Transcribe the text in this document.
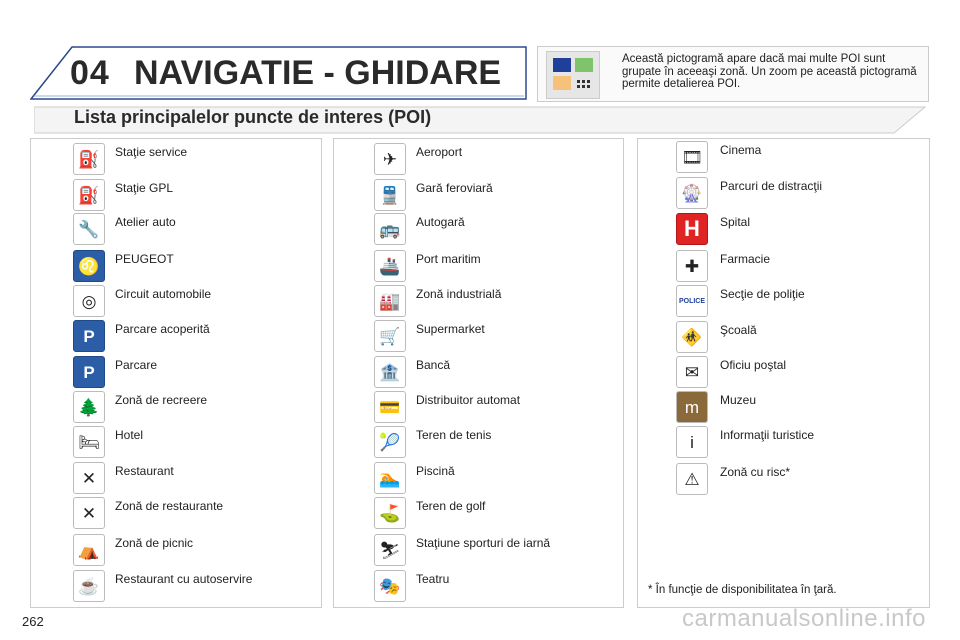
04 NAVIGATIE - GHIDARE	Această pictogramă apare dacă mai multe POI sunt grupate în aceeaşi zonă. Un zoom pe această pictogramă permite detalierea POI.
Lista principalelor puncte de interes (POI)
⛽	Staţie service
⛽	Staţie GPL
🔧	Atelier auto
♌	PEUGEOT
◎	Circuit automobile
P	Parcare acoperită
P	Parcare
🌲	Zonă de recreere
🛏	Hotel
✕	Restaurant
✕	Zonă de restaurante
⛺	Zonă de picnic
☕	Restaurant cu autoservire
✈	Aeroport
🚆	Gară feroviară
🚌	Autogară
🚢	Port maritim
🏭	Zonă industrială
🛒	Supermarket
🏦	Bancă
💳	Distribuitor automat
🎾	Teren de tenis
🏊	Piscină
⛳	Teren de golf
⛷	Staţiune sporturi de iarnă
🎭	Teatru
🎞	Cinema
🎡	Parcuri de distracţii
H	Spital
✚	Farmacie
POLICE Secţie de poliţie
🚸	Şcoală
✉	Oficiu poştal
m	Muzeu
i	Informaţii turistice
⚠	Zonă cu risc*
* În funcţie de disponibilitatea în ţară.
262	carmanualsonline.info
